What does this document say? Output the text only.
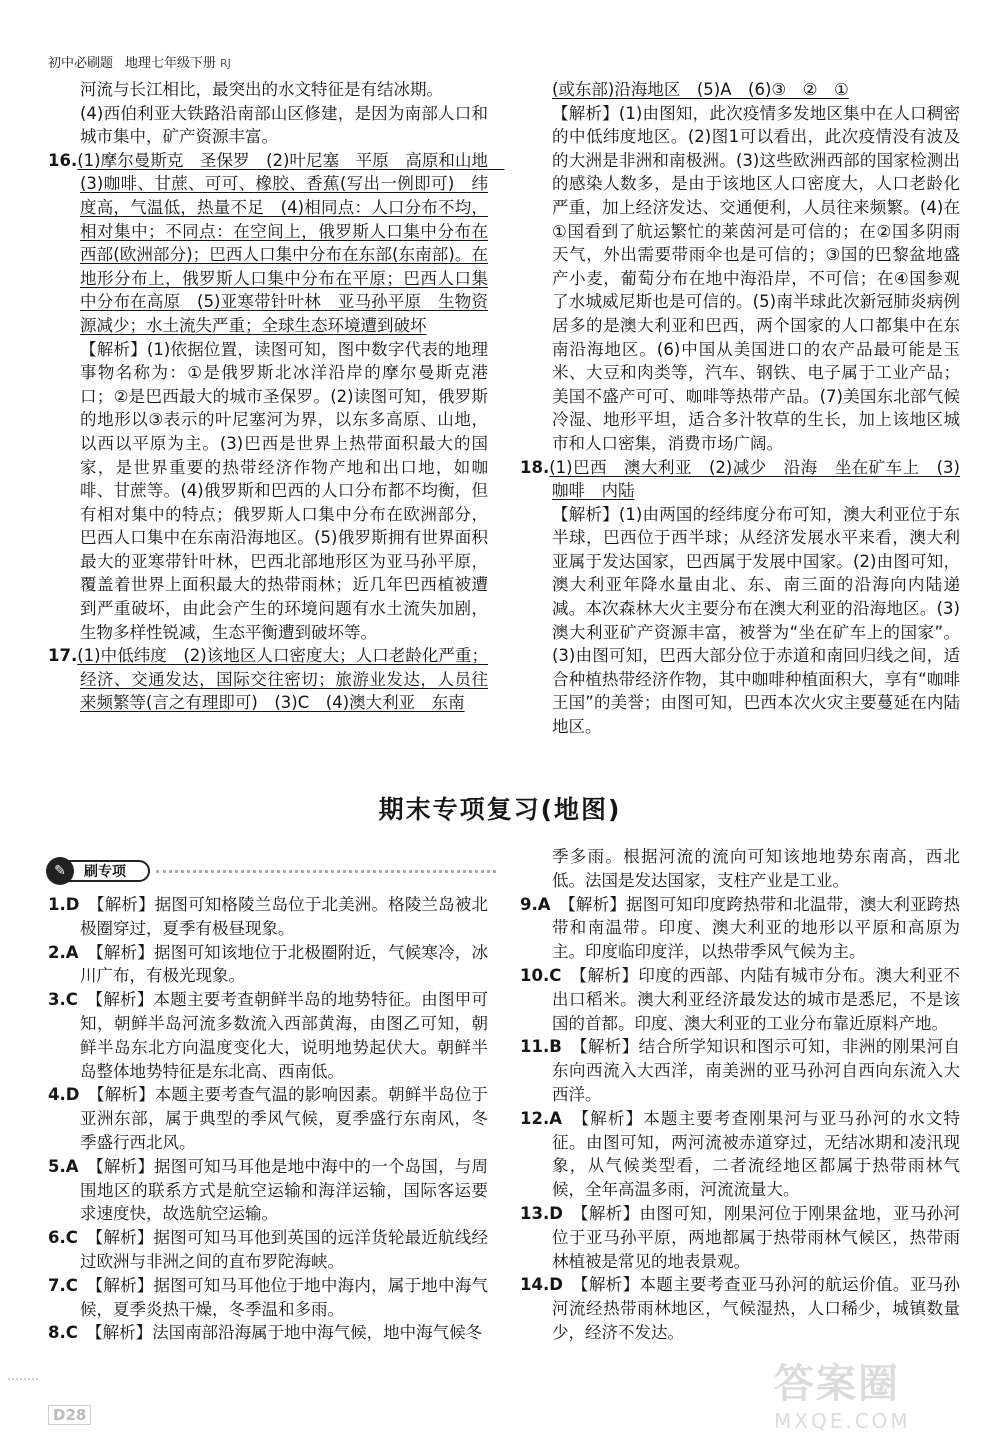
初中必刷题 地理七年级下册 RJ

河流与长江相比，最突出的水文特征是有结冰期。

(4)西伯利亚大铁路沿南部山区修建，是因为南部人口和城市集中，矿产资源丰富。

16.(1)摩尔曼斯克　圣保罗　(2)叶尼塞　平原　高原和山地　(3)咖啡、甘蔗、可可、橡胶、香蕉(写出一例即可)　纬度高，气温低，热量不足　(4)相同点：人口分布不均，相对集中；不同点：在空间上，俄罗斯人口集中分布在西部(欧洲部分)；巴西人口集中分布在东部(东南部)。在地形分布上，俄罗斯人口集中分布在平原；巴西人口集中分布在高原　(5)亚寒带针叶林　亚马孙平原　生物资源减少；水土流失严重；全球生态环境遭到破坏

【解析】(1)依据位置，读图可知，图中数字代表的地理事物名称为：①是俄罗斯北冰洋沿岸的摩尔曼斯克港口；②是巴西最大的城市圣保罗。(2)读图可知，俄罗斯的地形以③表示的叶尼塞河为界，以东多高原、山地，以西以平原为主。(3)巴西是世界上热带面积最大的国家，是世界重要的热带经济作物产地和出口地，如咖啡、甘蔗等。(4)俄罗斯和巴西的人口分布都不均衡，但有相对集中的特点；俄罗斯人口集中分布在欧洲部分，巴西人口集中在东南沿海地区。(5)俄罗斯拥有世界面积最大的亚寒带针叶林，巴西北部地形区为亚马孙平原，覆盖着世界上面积最大的热带雨林；近几年巴西植被遭到严重破坏，由此会产生的环境问题有水土流失加剧，生物多样性锐减，生态平衡遭到破坏等。

17.(1)中低纬度　(2)该地区人口密度大；人口老龄化严重；经济、交通发达，国际交往密切；旅游业发达，人员往来频繁等(言之有理即可)　(3)C　(4)澳大利亚　东南

(或东部)沿海地区　(5)A　(6)③　②　①

【解析】(1)由图知，此次疫情多发地区集中在人口稠密的中低纬度地区。(2)图1可以看出，此次疫情没有波及的大洲是非洲和南极洲。(3)这些欧洲西部的国家检测出的感染人数多，是由于该地区人口密度大，人口老龄化严重，加上经济发达、交通便利，人员往来频繁。(4)在①国看到了航运繁忙的莱茵河是可信的；在②国多阴雨天气，外出需要带雨伞也是可信的；③国的巴黎盆地盛产小麦，葡萄分布在地中海沿岸，不可信；在④国参观了水城威尼斯也是可信的。(5)南半球此次新冠肺炎病例居多的是澳大利亚和巴西，两个国家的人口都集中在东南沿海地区。(6)中国从美国进口的农产品最可能是玉米、大豆和肉类等，汽车、钢铁、电子属于工业产品；美国不盛产可可、咖啡等热带产品。(7)美国东北部气候冷湿、地形平坦，适合多汁牧草的生长，加上该地区城市和人口密集，消费市场广阔。

18.(1)巴西　澳大利亚　(2)减少　沿海　坐在矿车上　(3)咖啡　内陆

【解析】(1)由两国的经纬度分布可知，澳大利亚位于东半球，巴西位于西半球；从经济发展水平来看，澳大利亚属于发达国家，巴西属于发展中国家。(2)由图可知，澳大利亚年降水量由北、东、南三面的沿海向内陆递减。本次森林大火主要分布在澳大利亚的沿海地区。(3)澳大利亚矿产资源丰富，被誉为“坐在矿车上的国家”。(3)由图可知，巴西大部分位于赤道和南回归线之间，适合种植热带经济作物，其中咖啡种植面积大，享有“咖啡王国”的美誉；由图可知，巴西本次火灾主要蔓延在内陆地区。

期末专项复习(地图)
✎	刷专项

1.D　【解析】据图可知格陵兰岛位于北美洲。格陵兰岛被北极圈穿过，夏季有极昼现象。

2.A　【解析】据图可知该地位于北极圈附近，气候寒冷，冰川广布，有极光现象。

3.C　【解析】本题主要考查朝鲜半岛的地势特征。由图甲可知，朝鲜半岛河流多数流入西部黄海，由图乙可知，朝鲜半岛东北方向温度变化大，说明地势起伏大。朝鲜半岛整体地势特征是东北高、西南低。

4.D　【解析】本题主要考查气温的影响因素。朝鲜半岛位于亚洲东部，属于典型的季风气候，夏季盛行东南风，冬季盛行西北风。

5.A　【解析】据图可知马耳他是地中海中的一个岛国，与周围地区的联系方式是航空运输和海洋运输，国际客运要求速度快，故选航空运输。

6.C　【解析】据图可知马耳他到英国的远洋货轮最近航线经过欧洲与非洲之间的直布罗陀海峡。

7.C　【解析】据图可知马耳他位于地中海内，属于地中海气候，夏季炎热干燥，冬季温和多雨。

8.C　【解析】法国南部沿海属于地中海气候，地中海气候冬

季多雨。根据河流的流向可知该地地势东南高，西北低。法国是发达国家，支柱产业是工业。

9.A　【解析】据图可知印度跨热带和北温带，澳大利亚跨热带和南温带。印度、澳大利亚的地形以平原和高原为主。印度临印度洋，以热带季风气候为主。

10.C　【解析】印度的西部、内陆有城市分布。澳大利亚不出口稻米。澳大利亚经济最发达的城市是悉尼，不是该国的首都。印度、澳大利亚的工业分布靠近原料产地。

11.B　【解析】结合所学知识和图示可知，非洲的刚果河自东向西流入大西洋，南美洲的亚马孙河自西向东流入大西洋。

12.A　【解析】本题主要考查刚果河与亚马孙河的水文特征。由图可知，两河流被赤道穿过，无结冰期和凌汛现象，从气候类型看，二者流经地区都属于热带雨林气候，全年高温多雨，河流流量大。

13.D　【解析】由图可知，刚果河位于刚果盆地，亚马孙河位于亚马孙平原，两地都属于热带雨林气候区，热带雨林植被是常见的地表景观。

14.D　【解析】本题主要考查亚马孙河的航运价值。亚马孙河流经热带雨林地区，气候湿热，人口稀少，城镇数量少，经济不发达。

D28
答案圈
MXQE.COM
